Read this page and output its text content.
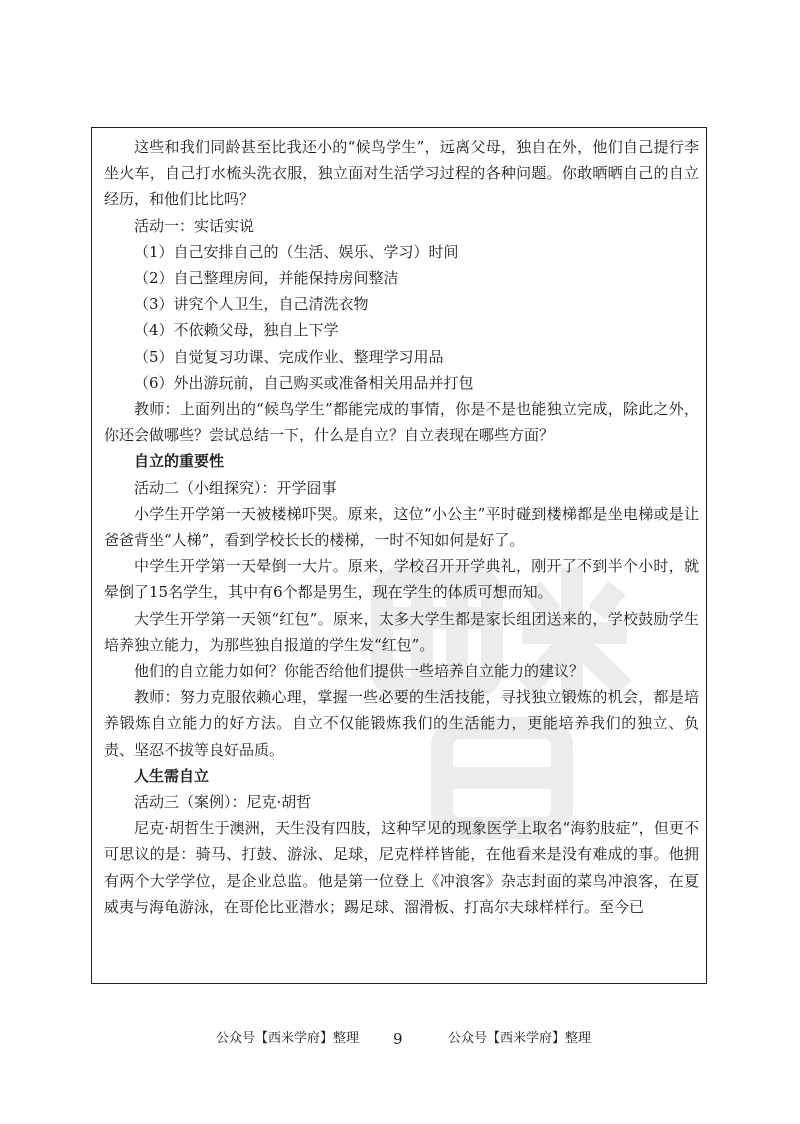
这些和我们同龄甚至比我还小的“候鸟学生”，远离父母，独自在外，他们自己提行李坐火车，自己打水梳头洗衣服，独立面对生活学习过程的各种问题。你敢晒晒自己的自立经历，和他们比比吗？

活动一：实话实说

（1）自己安排自己的（生活、娱乐、学习）时间

（2）自己整理房间，并能保持房间整洁

（3）讲究个人卫生，自己清洗衣物

（4）不依赖父母，独自上下学

（5）自觉复习功课、完成作业、整理学习用品

（6）外出游玩前，自己购买或准备相关用品并打包

教师：上面列出的“候鸟学生”都能完成的事情，你是不是也能独立完成，除此之外，你还会做哪些？尝试总结一下，什么是自立？自立表现在哪些方面？

自立的重要性

活动二（小组探究）：开学囧事

小学生开学第一天被楼梯吓哭。原来，这位“小公主”平时碰到楼梯都是坐电梯或是让爸爸背坐“人梯”，看到学校长长的楼梯，一时不知如何是好了。

中学生开学第一天晕倒一大片。原来，学校召开开学典礼，刚开了不到半个小时，就晕倒了15名学生，其中有6个都是男生，现在学生的体质可想而知。

大学生开学第一天领“红包”。原来，太多大学生都是家长组团送来的，学校鼓励学生培养独立能力，为那些独自报道的学生发“红包”。

他们的自立能力如何？你能否给他们提供一些培养自立能力的建议？

教师：努力克服依赖心理，掌握一些必要的生活技能，寻找独立锻炼的机会，都是培养锻炼自立能力的好方法。自立不仅能锻炼我们的生活能力，更能培养我们的独立、负责、坚忍不拔等良好品质。

人生需自立

活动三（案例）：尼克·胡哲

尼克·胡哲生于澳洲，天生没有四肢，这种罕见的现象医学上取名“海豹肢症”，但更不可思议的是：骑马、打鼓、游泳、足球，尼克样样皆能，在他看来是没有难成的事。他拥有两个大学学位，是企业总监。他是第一位登上《冲浪客》杂志封面的菜鸟冲浪客，在夏威夷与海龟游泳，在哥伦比亚潜水；踢足球、溜滑板、打高尔夫球样样行。至今已

公众号【西米学府】整理 9	公众号【西米学府】整理
